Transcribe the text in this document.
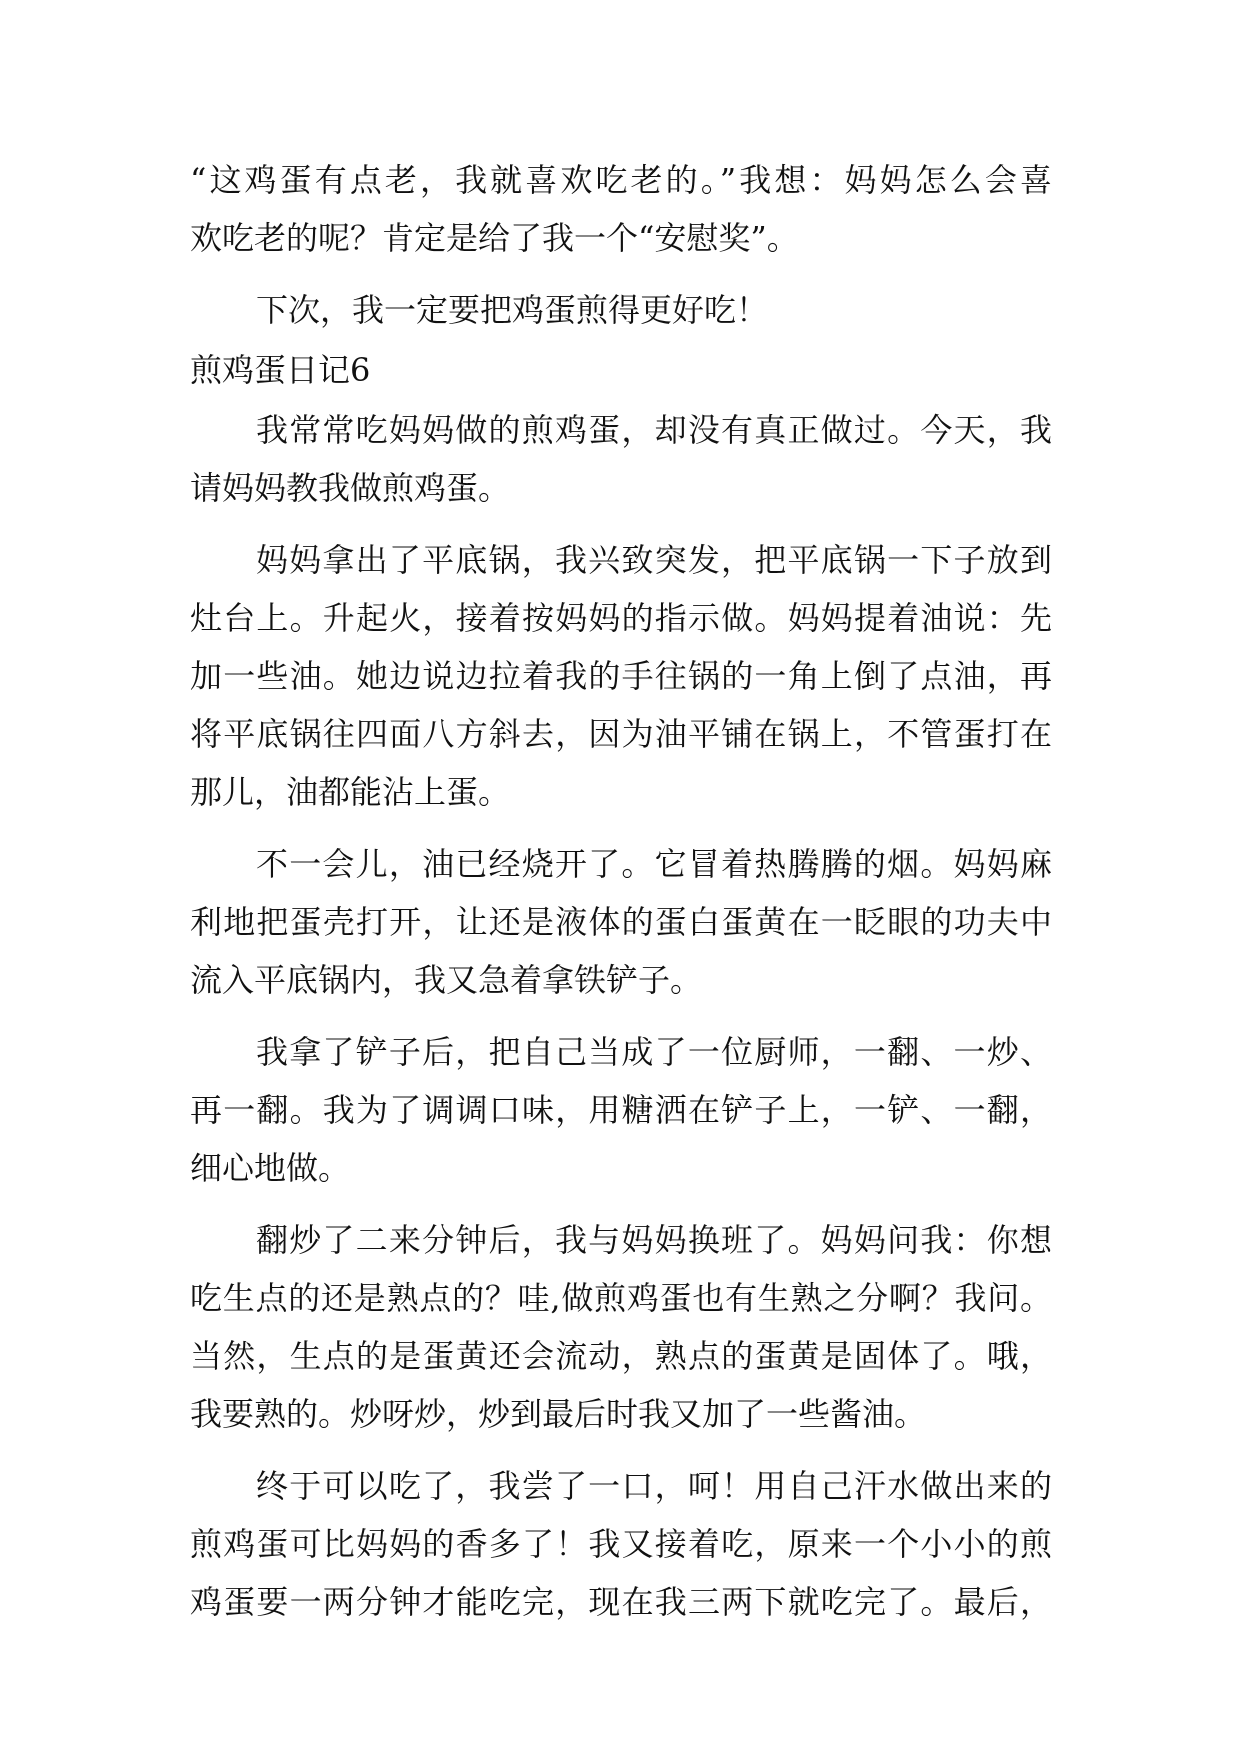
“这鸡蛋有点老，我就喜欢吃老的。”我想：妈妈怎么会喜
欢吃老的呢？肯定是给了我一个“安慰奖”。
下次，我一定要把鸡蛋煎得更好吃！
煎鸡蛋日记6
我常常吃妈妈做的煎鸡蛋，却没有真正做过。今天，我
请妈妈教我做煎鸡蛋。
妈妈拿出了平底锅，我兴致突发，把平底锅一下子放到
灶台上。升起火，接着按妈妈的指示做。妈妈提着油说：先
加一些油。她边说边拉着我的手往锅的一角上倒了点油，再
将平底锅往四面八方斜去，因为油平铺在锅上，不管蛋打在
那儿，油都能沾上蛋。
不一会儿，油已经烧开了。它冒着热腾腾的烟。妈妈麻
利地把蛋壳打开，让还是液体的蛋白蛋黄在一眨眼的功夫中
流入平底锅内，我又急着拿铁铲子。
我拿了铲子后，把自己当成了一位厨师，一翻、一炒、
再一翻。我为了调调口味，用糖洒在铲子上，一铲、一翻，
细心地做。
翻炒了二来分钟后，我与妈妈换班了。妈妈问我：你想
吃生点的还是熟点的？哇,做煎鸡蛋也有生熟之分啊？我问。
当然，生点的是蛋黄还会流动，熟点的蛋黄是固体了。哦，
我要熟的。炒呀炒，炒到最后时我又加了一些酱油。
终于可以吃了，我尝了一口，呵！用自己汗水做出来的
煎鸡蛋可比妈妈的香多了！我又接着吃，原来一个小小的煎
鸡蛋要一两分钟才能吃完，现在我三两下就吃完了。最后，
